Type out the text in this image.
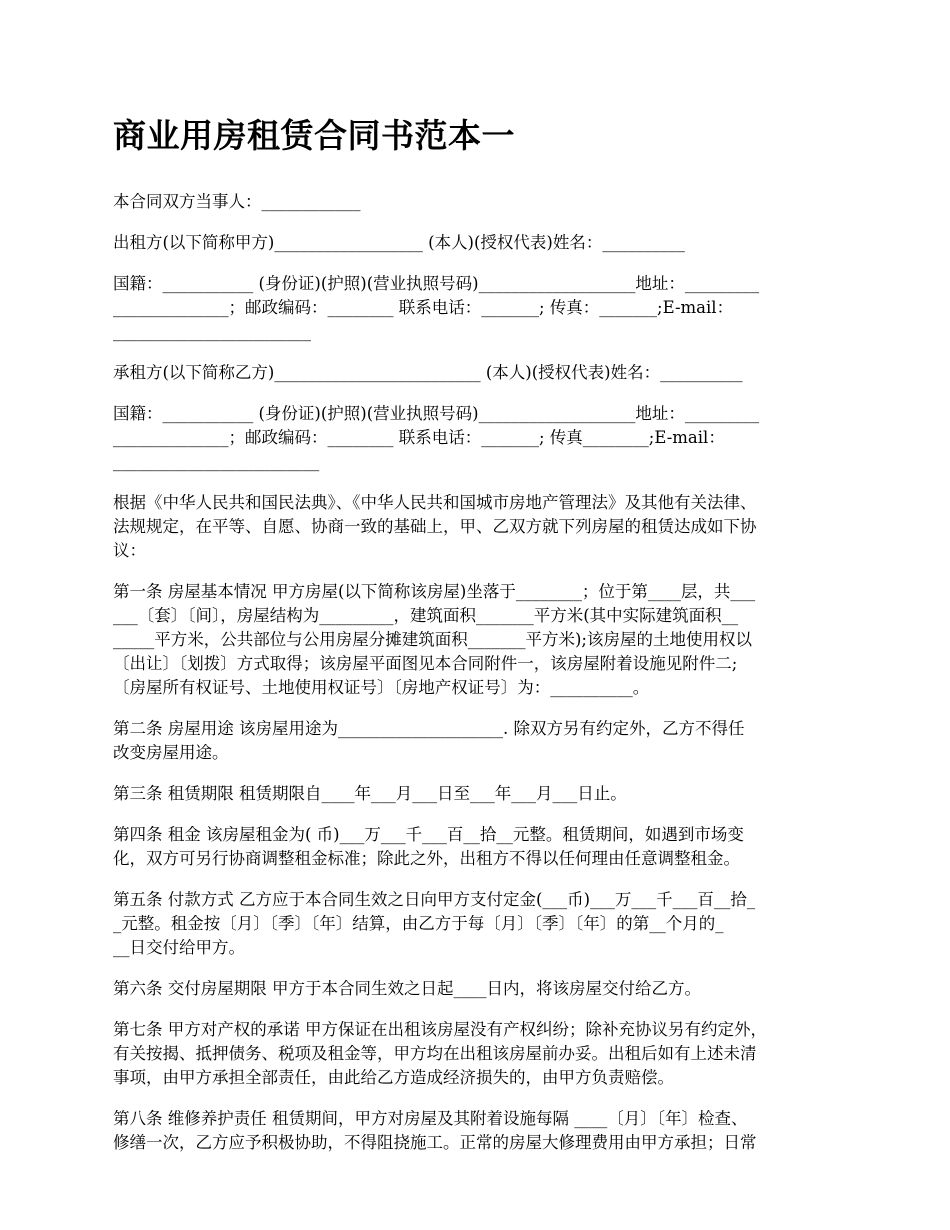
商业用房租赁合同书范本一

本合同双方当事人：____________

出租方(以下简称甲方)__________________ (本人)(授权代表)姓名：__________

国籍：___________ (身份证)(护照)(营业执照号码)___________________地址：_________
______________；邮政编码：________ 联系电话：_______; 传真：_______;E-mail：
________________________

承租方(以下简称乙方)_________________________ (本人)(授权代表)姓名：__________

国籍：___________ (身份证)(护照)(营业执照号码)___________________地址：_________
______________；邮政编码：________ 联系电话：_______; 传真________;E-mail：
_________________________

根据《中华人民共和国民法典》、《中华人民共和国城市房地产管理法》及其他有关法律、
法规规定，在平等、自愿、协商一致的基础上，甲、乙双方就下列房屋的租赁达成如下协
议：

第一条 房屋基本情况 甲方房屋(以下简称该房屋)坐落于________；位于第____层，共___
___〔套〕〔间〕，房屋结构为_________，建筑面积_______平方米(其中实际建筑面积__
_____平方米，公共部位与公用房屋分摊建筑面积_______平方米);该房屋的土地使用权以
〔出让〕〔划拨〕方式取得；该房屋平面图见本合同附件一，该房屋附着设施见附件二;
〔房屋所有权证号、土地使用权证号〕〔房地产权证号〕为：__________。

第二条 房屋用途 该房屋用途为____________________. 除双方另有约定外，乙方不得任
改变房屋用途。

第三条 租赁期限 租赁期限自____年___月___日至___年___月___日止。

第四条 租金 该房屋租金为( 币)___万___千___百__拾__元整。租赁期间，如遇到市场变
化，双方可另行协商调整租金标准；除此之外，出租方不得以任何理由任意调整租金。

第五条 付款方式 乙方应于本合同生效之日向甲方支付定金(___币)___万___千___百__拾_
_元整。租金按〔月〕〔季〕〔年〕结算，由乙方于每〔月〕〔季〕〔年〕的第__个月的_
__日交付给甲方。

第六条 交付房屋期限 甲方于本合同生效之日起____日内，将该房屋交付给乙方。

第七条 甲方对产权的承诺 甲方保证在出租该房屋没有产权纠纷；除补充协议另有约定外，
有关按揭、抵押债务、税项及租金等，甲方均在出租该房屋前办妥。出租后如有上述未清
事项，由甲方承担全部责任，由此给乙方造成经济损失的，由甲方负责赔偿。

第八条 维修养护责任 租赁期间，甲方对房屋及其附着设施每隔 ____〔月〕〔年〕检查、
修缮一次，乙方应予积极协助，不得阻挠施工。正常的房屋大修理费用由甲方承担；日常
